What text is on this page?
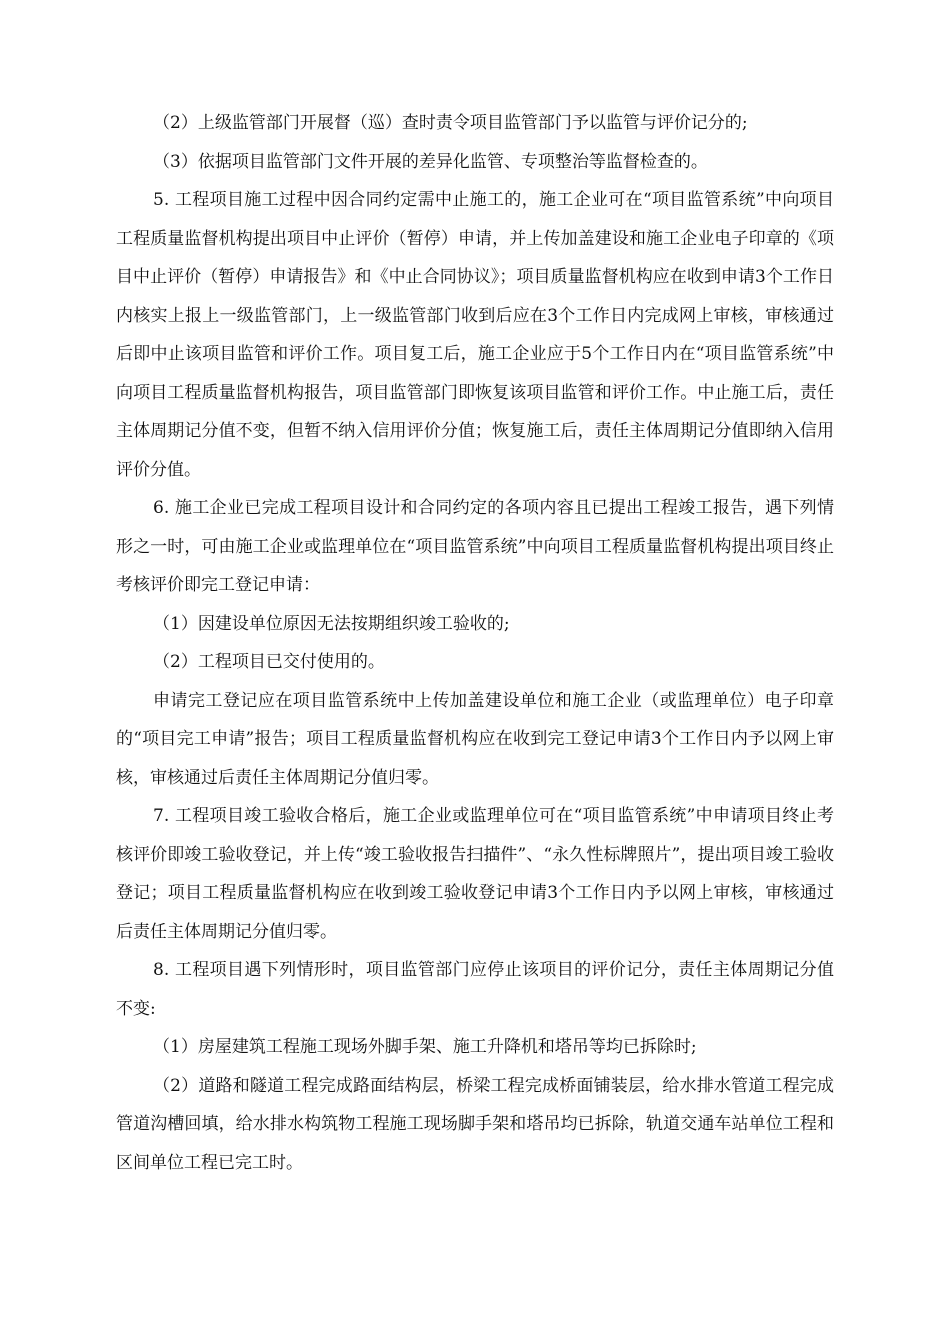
（2）上级监管部门开展督（巡）查时责令项目监管部门予以监管与评价记分的;

（3）依据项目监管部门文件开展的差异化监管、专项整治等监督检查的。

5. 工程项目施工过程中因合同约定需中止施工的，施工企业可在“项目监管系统”中向项目工程质量监督机构提出项目中止评价（暂停）申请，并上传加盖建设和施工企业电子印章的《项目中止评价（暂停）申请报告》和《中止合同协议》；项目质量监督机构应在收到申请3个工作日内核实上报上一级监管部门，上一级监管部门收到后应在3个工作日内完成网上审核，审核通过后即中止该项目监管和评价工作。项目复工后，施工企业应于5个工作日内在“项目监管系统”中向项目工程质量监督机构报告，项目监管部门即恢复该项目监管和评价工作。中止施工后，责任主体周期记分值不变，但暂不纳入信用评价分值；恢复施工后，责任主体周期记分值即纳入信用评价分值。

6. 施工企业已完成工程项目设计和合同约定的各项内容且已提出工程竣工报告，遇下列情形之一时，可由施工企业或监理单位在“项目监管系统”中向项目工程质量监督机构提出项目终止考核评价即完工登记申请：

（1）因建设单位原因无法按期组织竣工验收的;

（2）工程项目已交付使用的。

申请完工登记应在项目监管系统中上传加盖建设单位和施工企业（或监理单位）电子印章的“项目完工申请”报告；项目工程质量监督机构应在收到完工登记申请3个工作日内予以网上审核，审核通过后责任主体周期记分值归零。

7. 工程项目竣工验收合格后，施工企业或监理单位可在“项目监管系统”中申请项目终止考核评价即竣工验收登记，并上传“竣工验收报告扫描件”、“永久性标牌照片”，提出项目竣工验收登记；项目工程质量监督机构应在收到竣工验收登记申请3个工作日内予以网上审核，审核通过后责任主体周期记分值归零。

8. 工程项目遇下列情形时，项目监管部门应停止该项目的评价记分，责任主体周期记分值不变:

（1）房屋建筑工程施工现场外脚手架、施工升降机和塔吊等均已拆除时;

（2）道路和隧道工程完成路面结构层，桥梁工程完成桥面铺装层，给水排水管道工程完成管道沟槽回填，给水排水构筑物工程施工现场脚手架和塔吊均已拆除，轨道交通车站单位工程和区间单位工程已完工时。
